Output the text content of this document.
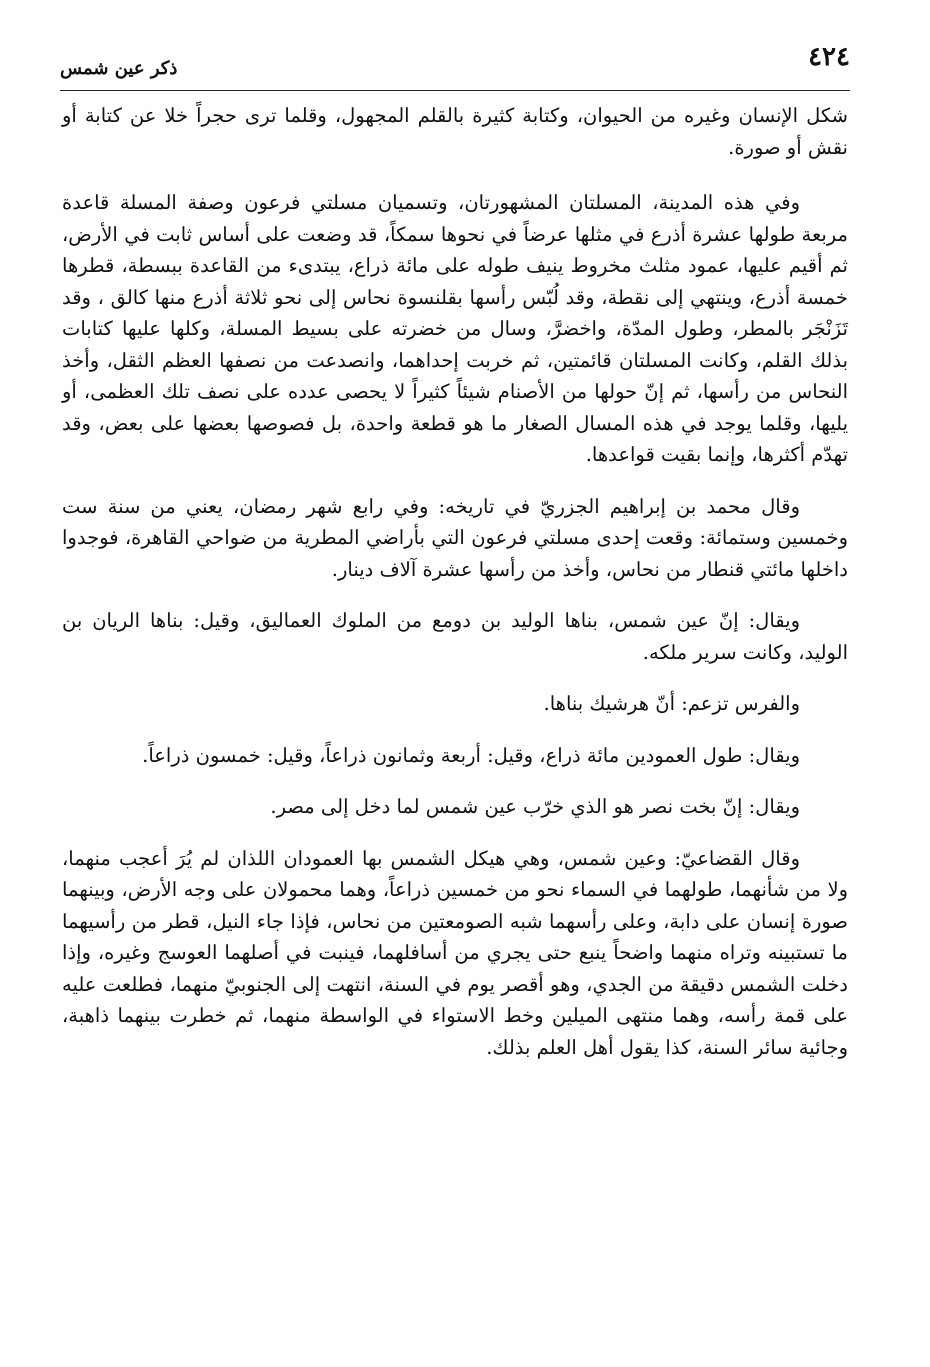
٤٢٤
ذكر عين شمس

شكل الإنسان وغيره من الحيوان، وكتابة كثيرة بالقلم المجهول، وقلما ترى حجراً خلا عن كتابة أو نقش أو صورة.

وفي هذه المدينة، المسلتان المشهورتان، وتسميان مسلتي فرعون وصفة المسلة قاعدة مربعة طولها عشرة أذرع في مثلها عرضاً في نحوها سمكاً، قد وضعت على أساس ثابت في الأرض، ثم أقيم عليها، عمود مثلث مخروط ينيف طوله على مائة ذراع، يبتدىء من القاعدة ببسطة، قطرها خمسة أذرع، وينتهي إلى نقطة، وقد لُبّس رأسها بقلنسوة نحاس إلى نحو ثلاثة أذرع منها كالق ، وقد تَزَنْجَر بالمطر، وطول المدّة، واخضرَّ، وسال من خضرته على بسيط المسلة، وكلها عليها كتابات بذلك القلم، وكانت المسلتان قائمتين، ثم خربت إحداهما، وانصدعت من نصفها العظم الثقل، وأخذ النحاس من رأسها، ثم إنّ حولها من الأصنام شيئاً كثيراً لا يحصى عدده على نصف تلك العظمى، أو يليها، وقلما يوجد في هذه المسال الصغار ما هو قطعة واحدة، بل فصوصها بعضها على بعض، وقد تهدّم أكثرها، وإنما بقيت قواعدها.

وقال محمد بن إبراهيم الجزريّ في تاريخه: وفي رابع شهر رمضان، يعني من سنة ست وخمسين وستمائة: وقعت إحدى مسلتي فرعون التي بأراضي المطرية من ضواحي القاهرة، فوجدوا داخلها مائتي قنطار من نحاس، وأخذ من رأسها عشرة آلاف دينار.

ويقال: إنّ عين شمس، بناها الوليد بن دومع من الملوك العماليق، وقيل: بناها الريان بن الوليد، وكانت سرير ملكه.

والفرس تزعم: أنّ هرشيك بناها.

ويقال: طول العمودين مائة ذراع، وقيل: أربعة وثمانون ذراعاً، وقيل: خمسون ذراعاً.

ويقال: إنّ بخت نصر هو الذي خرّب عين شمس لما دخل إلى مصر.

وقال القضاعيّ: وعين شمس، وهي هيكل الشمس بها العمودان اللذان لم يُرَ أعجب منهما، ولا من شأنهما، طولهما في السماء نحو من خمسين ذراعاً، وهما محمولان على وجه الأرض، وبينهما صورة إنسان على دابة، وعلى رأسهما شبه الصومعتين من نحاس، فإذا جاء النيل، قطر من رأسيهما ما تستبينه وتراه منهما واضحاً ينبع حتى يجري من أسافلهما، فينبت في أصلهما العوسج وغيره، وإذا دخلت الشمس دقيقة من الجدي، وهو أقصر يوم في السنة، انتهت إلى الجنوبيّ منهما، فطلعت عليه على قمة رأسه، وهما منتهى الميلين وخط الاستواء في الواسطة منهما، ثم خطرت بينهما ذاهبة، وجائية سائر السنة، كذا يقول أهل العلم بذلك.
